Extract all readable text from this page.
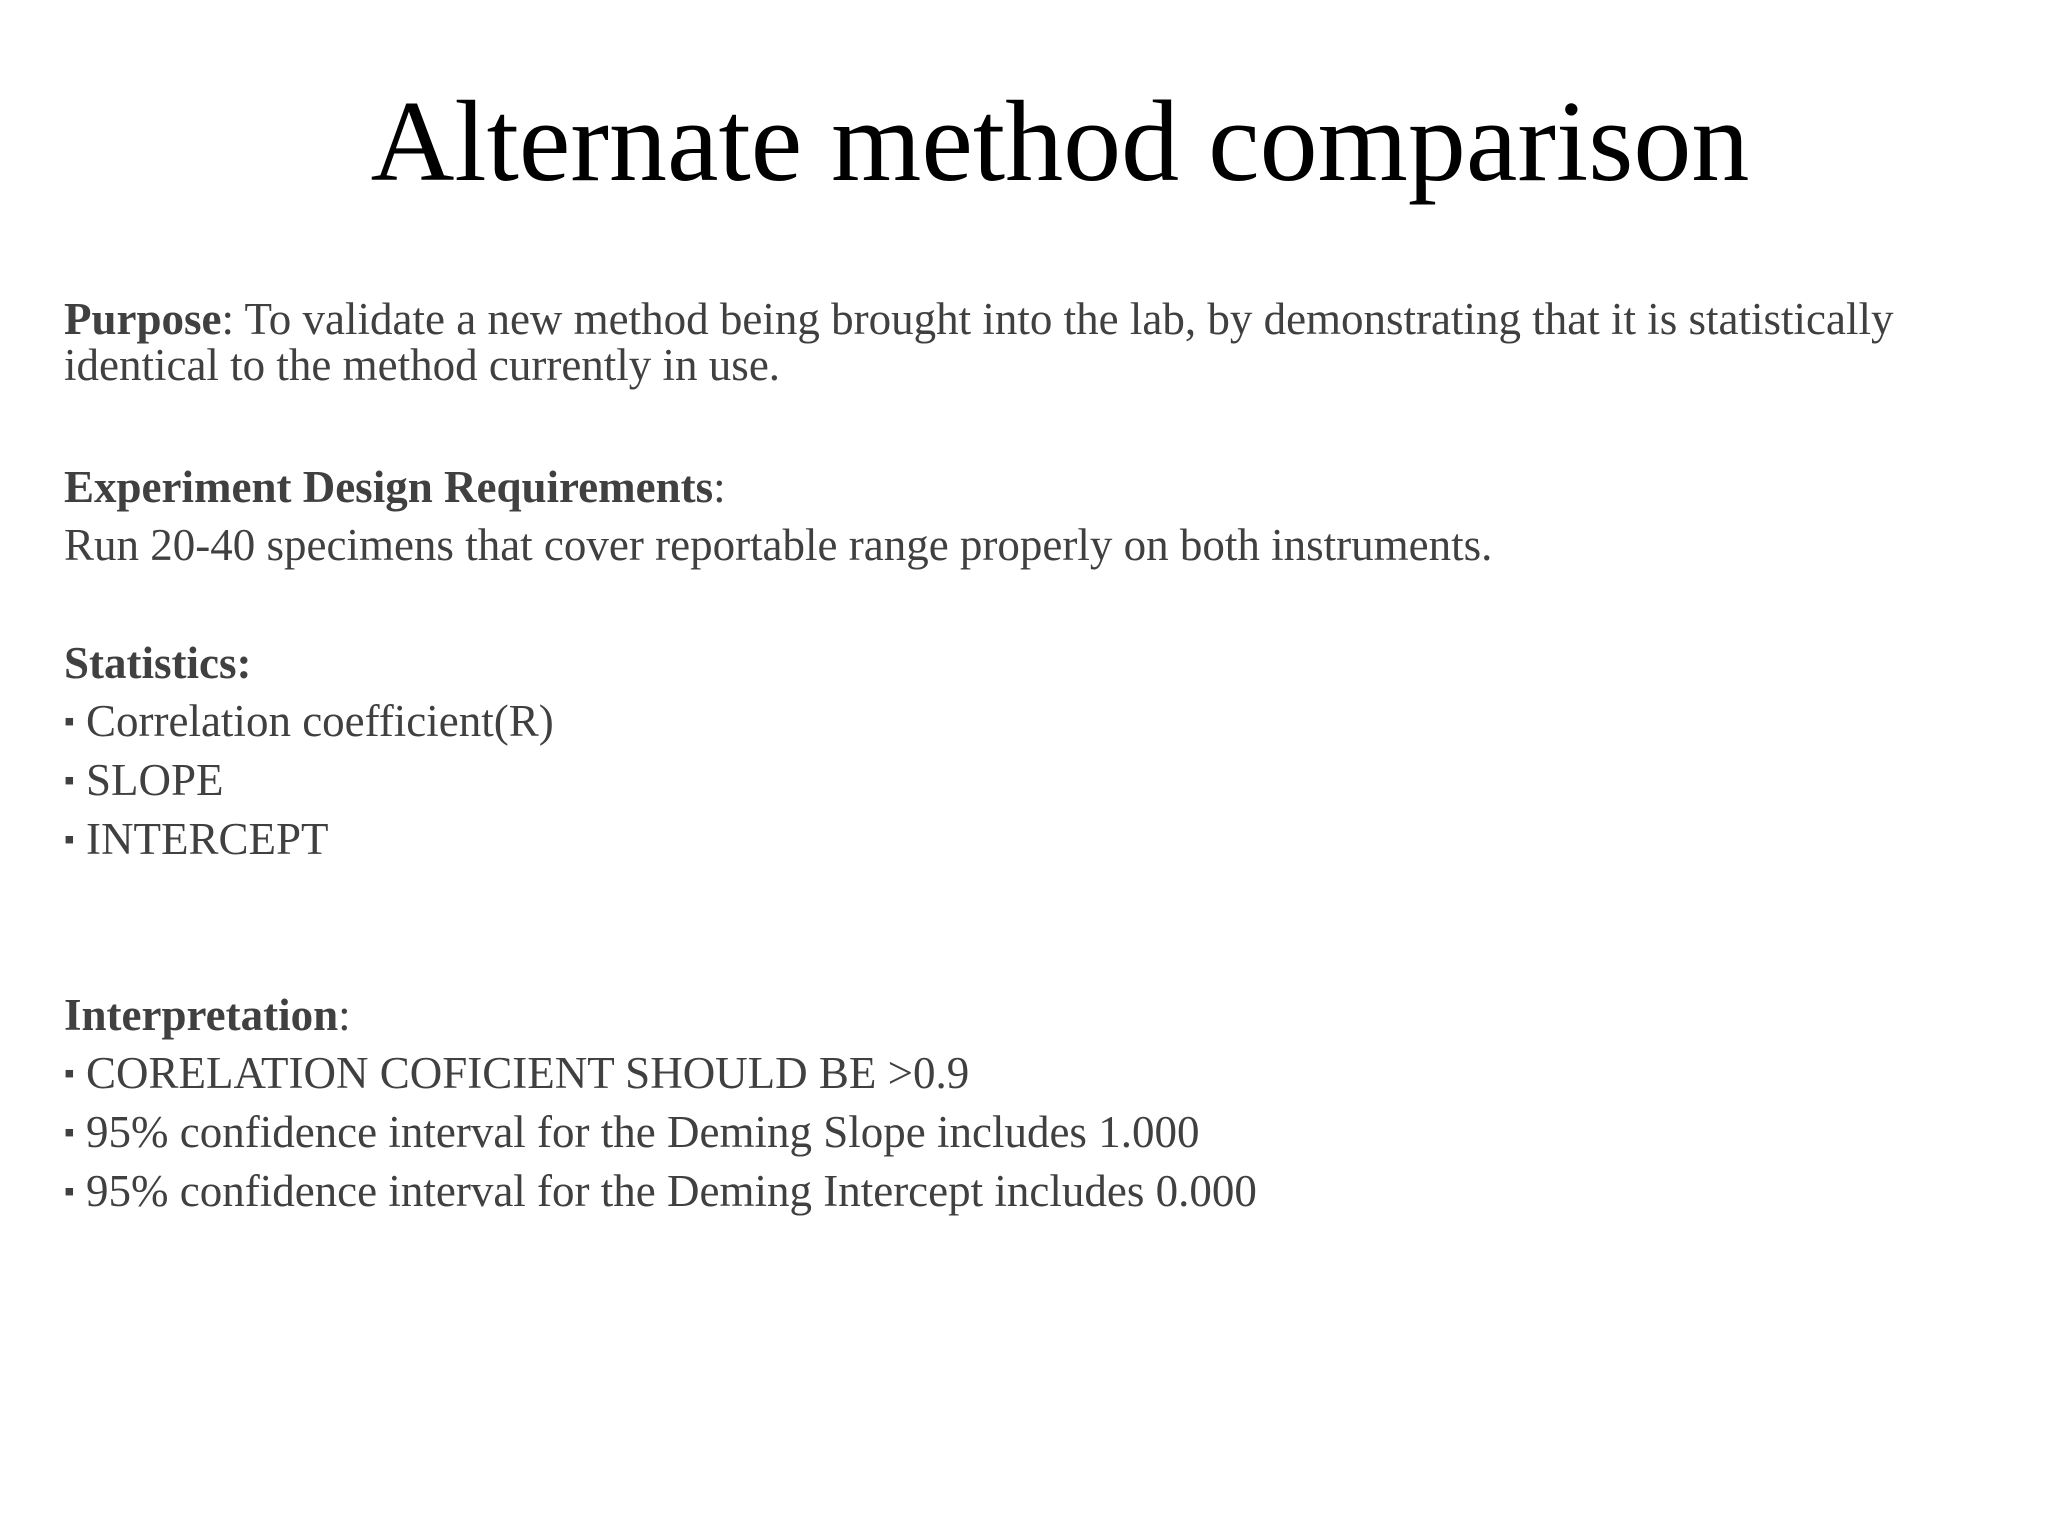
Alternate method comparison

Purpose: To validate a new method being brought into the lab, by demonstrating that it is statistically identical to the method currently in use.

Experiment Design Requirements:

Run 20-40 specimens that cover reportable range properly on both instruments.

Statistics:

▪ Correlation coefficient(R)

▪ SLOPE

▪ INTERCEPT

Interpretation:

▪ CORELATION COFICIENT SHOULD BE >0.9

▪ 95% confidence interval for the Deming Slope includes 1.000

▪ 95% confidence interval for the Deming Intercept includes 0.000
